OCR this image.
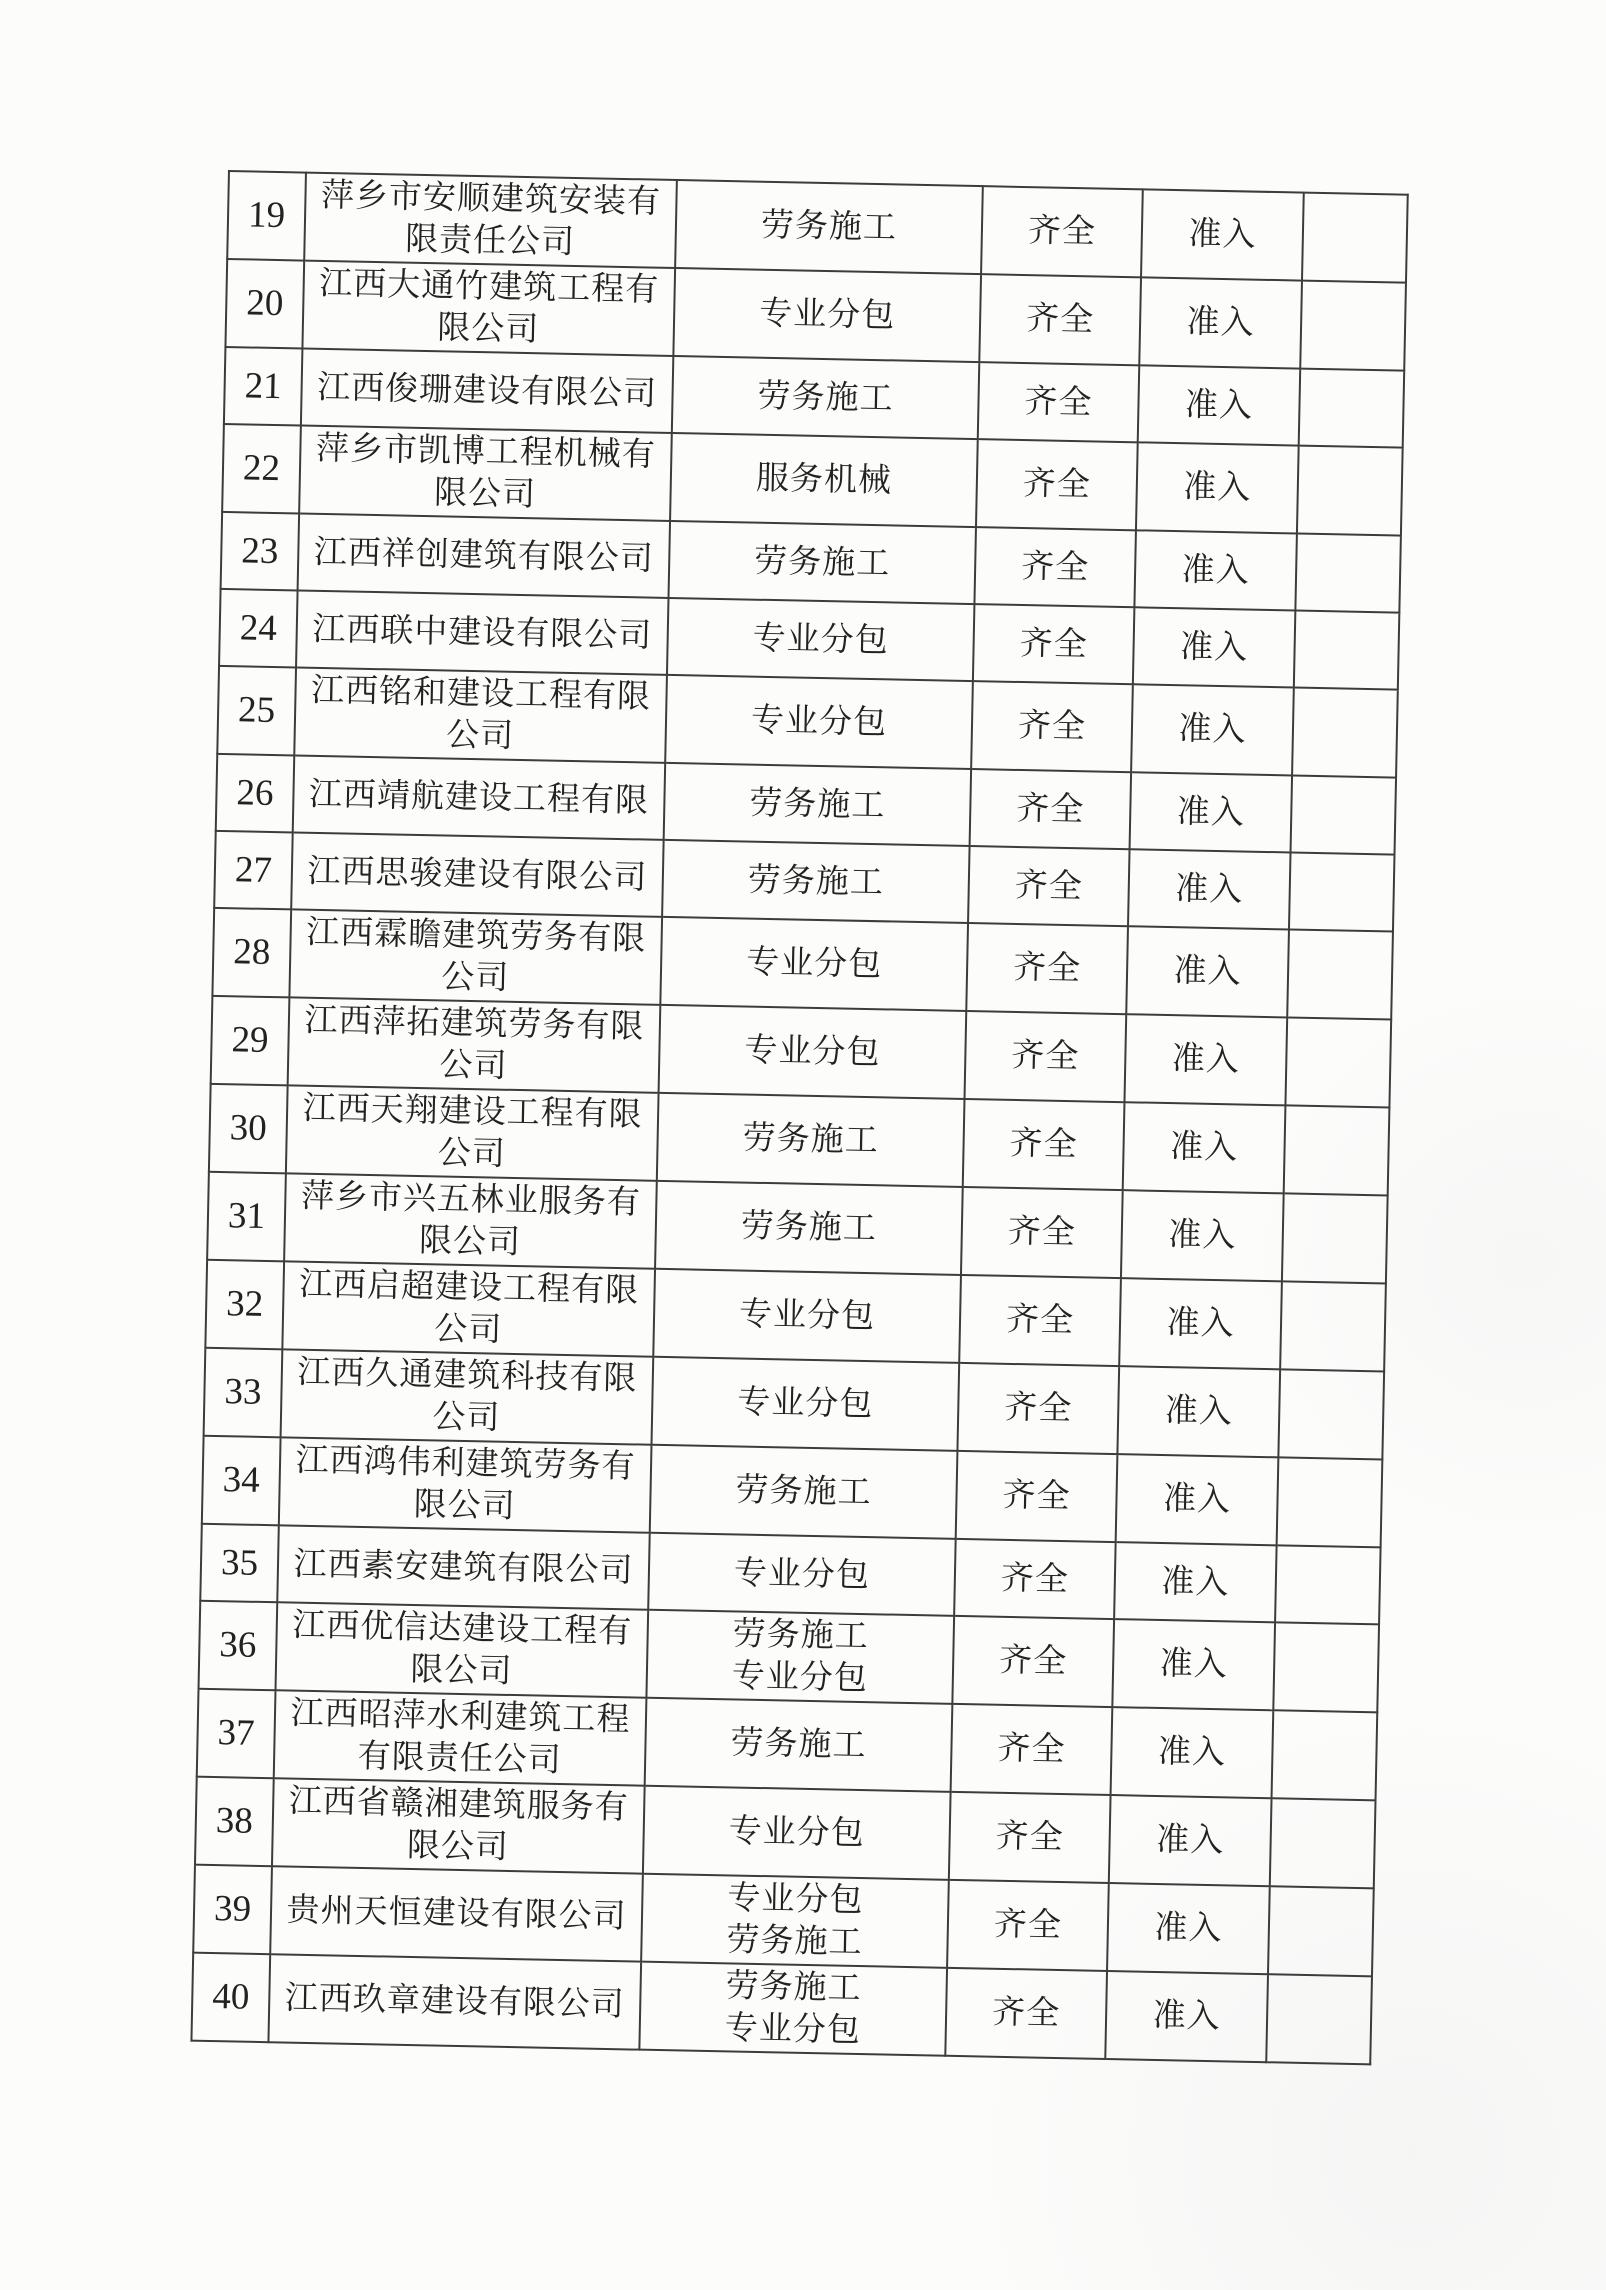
19	萍乡市安顺建筑安装有
限责任公司	劳务施工	齐全	准入	
20	江西大通竹建筑工程有
限公司	专业分包	齐全	准入	
21	江西俊珊建设有限公司	劳务施工	齐全	准入	
22	萍乡市凯博工程机械有
限公司	服务机械	齐全	准入	
23	江西祥创建筑有限公司	劳务施工	齐全	准入	
24	江西联中建设有限公司	专业分包	齐全	准入	
25	江西铭和建设工程有限
公司	专业分包	齐全	准入	
26	江西靖航建设工程有限	劳务施工	齐全	准入	
27	江西思骏建设有限公司	劳务施工	齐全	准入	
28	江西霖瞻建筑劳务有限
公司	专业分包	齐全	准入	
29	江西萍拓建筑劳务有限
公司	专业分包	齐全	准入	
30	江西天翔建设工程有限
公司	劳务施工	齐全	准入	
31	萍乡市兴五林业服务有
限公司	劳务施工	齐全	准入	
32	江西启超建设工程有限
公司	专业分包	齐全	准入	
33	江西久通建筑科技有限
公司	专业分包	齐全	准入	
34	江西鸿伟利建筑劳务有
限公司	劳务施工	齐全	准入	
35	江西素安建筑有限公司	专业分包	齐全	准入	
36	江西优信达建设工程有
限公司	劳务施工
专业分包	齐全	准入	
37	江西昭萍水利建筑工程
有限责任公司	劳务施工	齐全	准入	
38	江西省赣湘建筑服务有
限公司	专业分包	齐全	准入	
39	贵州天恒建设有限公司	专业分包
劳务施工	齐全	准入	
40	江西玖章建设有限公司	劳务施工
专业分包	齐全	准入	
